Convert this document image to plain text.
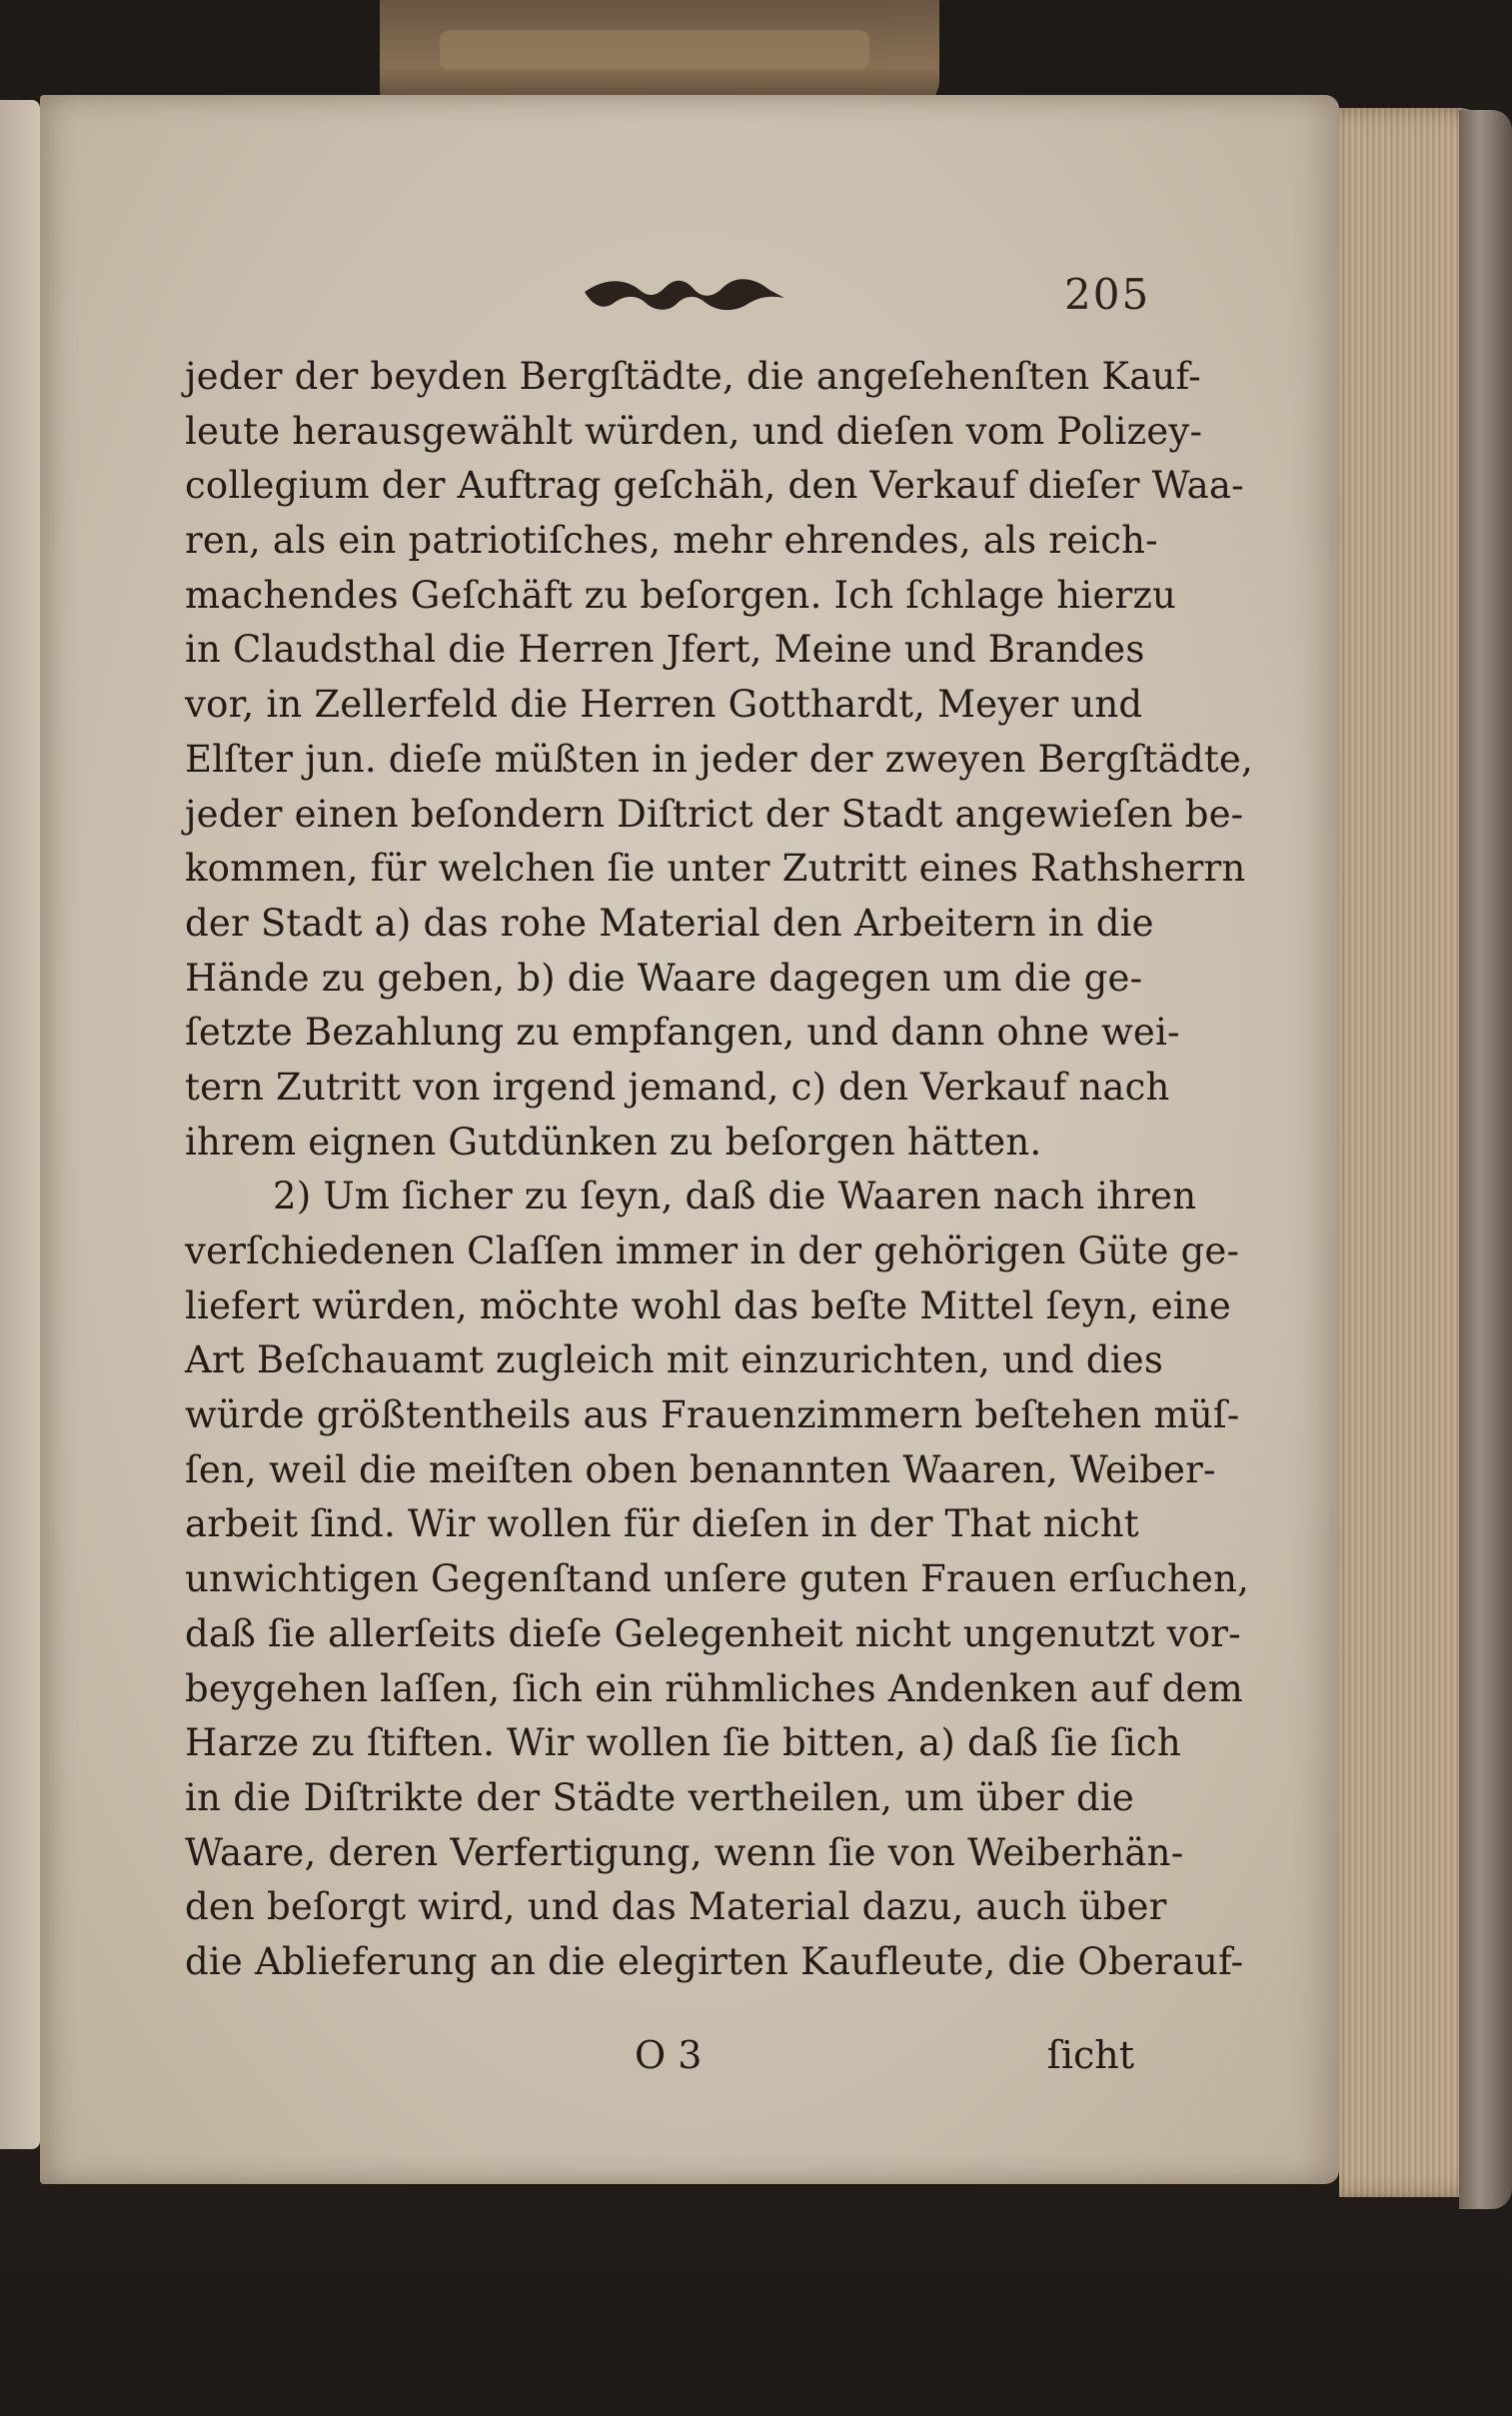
205
jeder der beyden Bergſtädte, die angeſehenſten Kauf-
leute herausgewählt würden, und dieſen vom Polizey-
collegium der Auftrag geſchäh, den Verkauf dieſer Waa-
ren, als ein patriotiſches, mehr ehrendes, als reich-
machendes Geſchäft zu beſorgen. Ich ſchlage hierzu
in Claudsthal die Herren Jfert, Meine und Brandes
vor, in Zellerfeld die Herren Gotthardt, Meyer und
Elſter jun. dieſe müßten in jeder der zweyen Bergſtädte,
jeder einen beſondern Diſtrict der Stadt angewieſen be-
kommen, für welchen ſie unter Zutritt eines Rathsherrn
der Stadt a) das rohe Material den Arbeitern in die
Hände zu geben, b) die Waare dagegen um die ge-
ſetzte Bezahlung zu empfangen, und dann ohne wei-
tern Zutritt von irgend jemand, c) den Verkauf nach
ihrem eignen Gutdünken zu beſorgen hätten.
2) Um ſicher zu ſeyn, daß die Waaren nach ihren
verſchiedenen Claſſen immer in der gehörigen Güte ge-
liefert würden, möchte wohl das beſte Mittel ſeyn, eine
Art Beſchauamt zugleich mit einzurichten, und dies
würde größtentheils aus Frauenzimmern beſtehen müſ-
ſen, weil die meiſten oben benannten Waaren, Weiber-
arbeit ſind. Wir wollen für dieſen in der That nicht
unwichtigen Gegenſtand unſere guten Frauen erſuchen,
daß ſie allerſeits dieſe Gelegenheit nicht ungenutzt vor-
beygehen laſſen, ſich ein rühmliches Andenken auf dem
Harze zu ſtiften. Wir wollen ſie bitten, a) daß ſie ſich
in die Diſtrikte der Städte vertheilen, um über die
Waare, deren Verfertigung, wenn ſie von Weiberhän-
den beſorgt wird, und das Material dazu, auch über
die Ablieferung an die elegirten Kaufleute, die Oberauf-
O 3	ſicht
